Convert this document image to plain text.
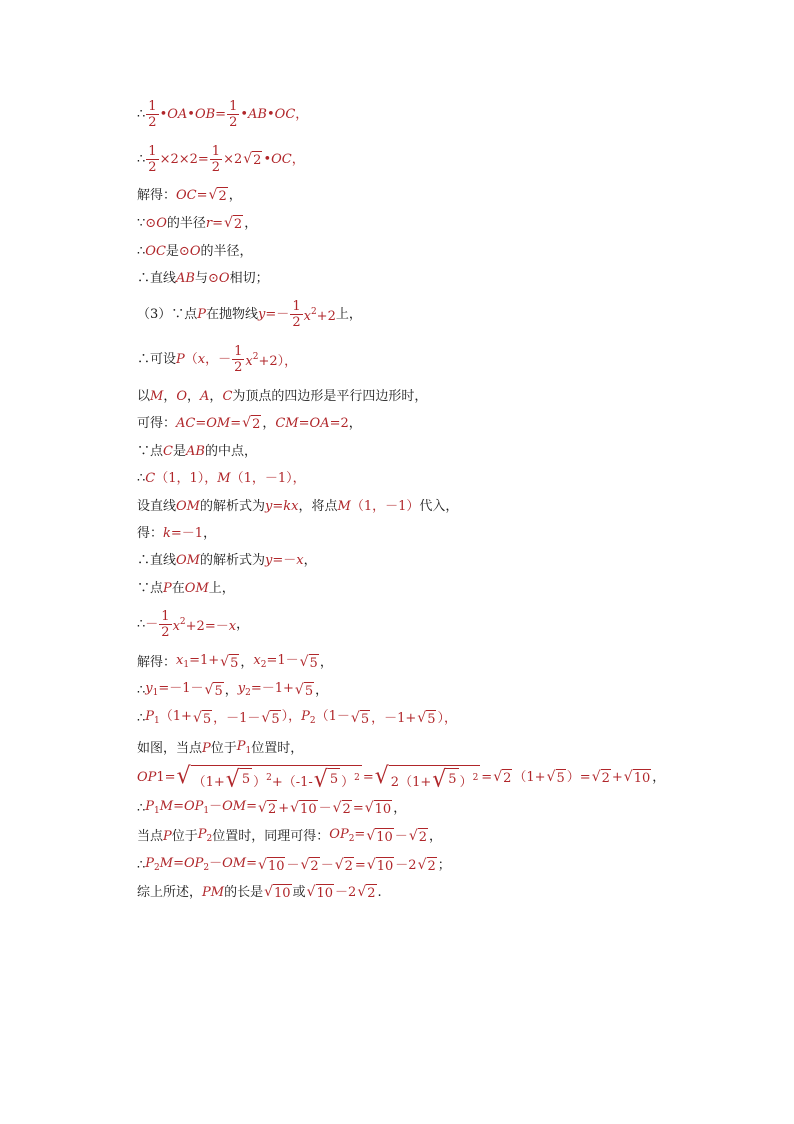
∴ $\frac{1}{2}$ •OA•OB= $\frac{1}{2}$ •AB•OC，
∴ $\frac{1}{2} \times 2\times 2= \frac{1}{2} \times 2$ √ 2 •OC，
解得： OC= √ 2 ，
∵ ⊙ O 的半径 r= √ 2 ，
∴ OC 是 ⊙ O 的半径，
∴直线 AB 与 ⊙ O 相切；
（3）∵点 P 在抛物线 $y=- \frac{1}{2} x^2+2$ 上，
∴可设 P（x，－ $\frac{1}{2} x^2+2$），
以 M ， O ， A ， C 为顶点的四边形是平行四边形时，
可得： AC=OM= √ 2 ， CM=OA=2 ，
∵点 C 是 AB 的中点，
∴ C（1，1），M（1，－1），
设直线 OM 的解析式为 y=kx ，将点 M（1，－1） 代入，
得： k=－1 ，
∴直线 OM 的解析式为 y=－x ，
∵点 P 在 OM 上，
∴ － $\frac{1}{2} x^2+2=-x$ ，
解得： $x_1=1+$ √ 5 ， $x_2=1-$ √ 5 ，
∴ $y_1=-1-$ √ 5 ， $y_2=-1+$ √ 5 ，
∴ $P_1(1+$ √ 5 ，－1－ √ 5 ），$P_2(1-$ √ 5 ，－1+ √ 5 ），
如图，当点 P 位于 $P_1$ 位置时，
OP1= √ （1+ √ 5 ）$^2$+（-1- √ 5 ）$^2$ = √ 2（1+ √ 5 ）$^2$ = √ 2 （1+ √ 5 ）= √ 2 + √ 10 ，
∴ $P_1M=OP_1-OM=$ √ 2 + √ 10 － √ 2 = √ 10 ，
当点 P 位于 $P_2$ 位置时，同理可得： $OP_2=$ √ 10 － √ 2 ，
∴ $P_2M=OP_2-OM=$ √ 10 － √ 2 － √ 2 = √ 10 －2 √ 2 ；
综上所述， PM 的长是 √ 10 或 √ 10 －2 √ 2 .
